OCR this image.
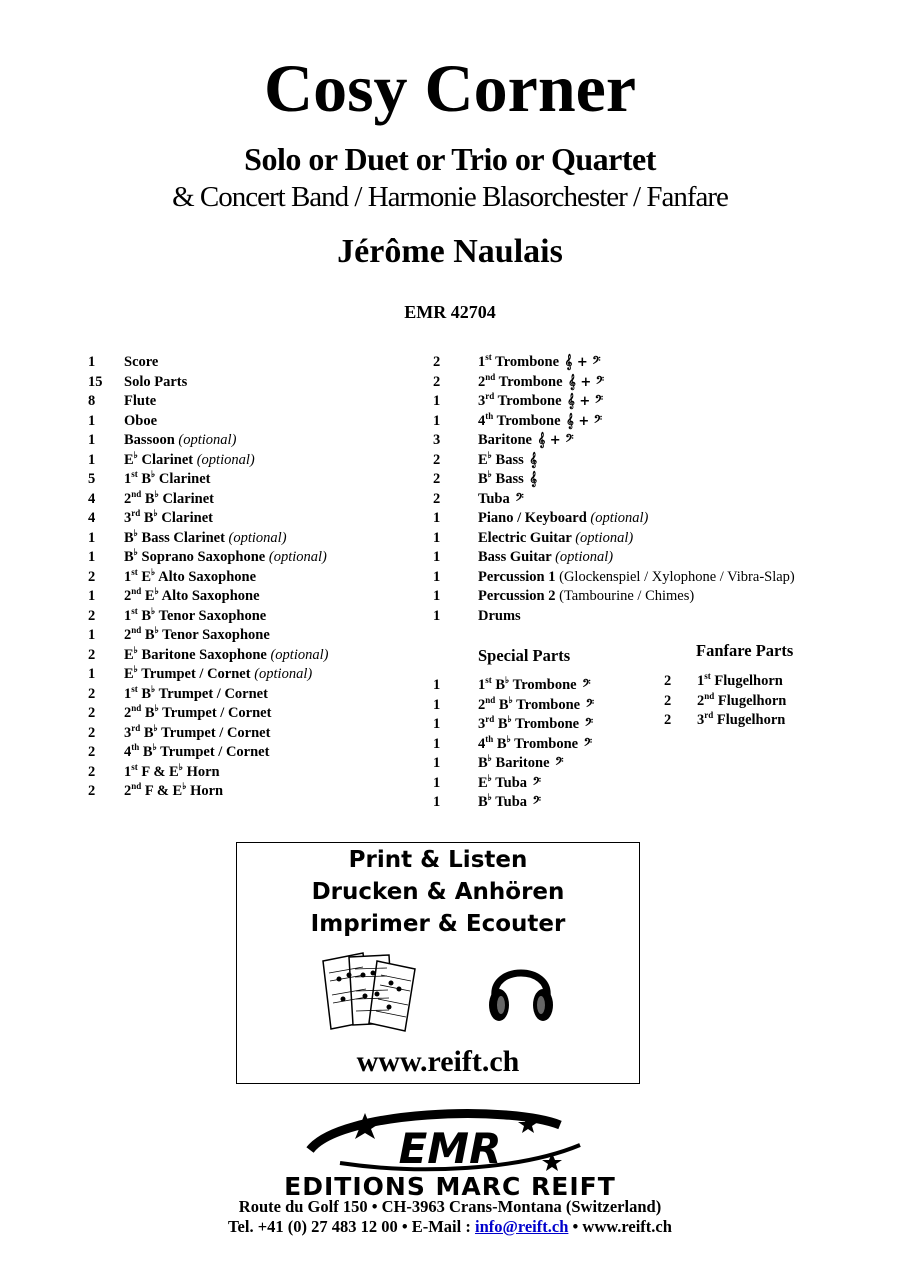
Cosy Corner
Solo or Duet or Trio or Quartet
& Concert Band / Harmonie Blasorchester / Fanfare
Jérôme Naulais
EMR 42704
1	Score
15	Solo Parts
8	Flute
1	Oboe
1	Bassoon (optional)
1	E♭ Clarinet (optional)
5	1st B♭ Clarinet
4	2nd B♭ Clarinet
4	3rd B♭ Clarinet
1	B♭ Bass Clarinet (optional)
1	B♭ Soprano Saxophone (optional)
2	1st E♭ Alto Saxophone
1	2nd E♭ Alto Saxophone
2	1st B♭ Tenor Saxophone
1	2nd B♭ Tenor Saxophone
2	E♭ Baritone Saxophone (optional)
1	E♭ Trumpet / Cornet (optional)
2	1st B♭ Trumpet / Cornet
2	2nd B♭ Trumpet / Cornet
2	3rd B♭ Trumpet / Cornet
2	4th B♭ Trumpet / Cornet
2	1st F & E♭ Horn
2	2nd F & E♭ Horn
2	1st Trombone 𝄞 + 𝄢
2	2nd Trombone 𝄞 + 𝄢
1	3rd Trombone 𝄞 + 𝄢
1	4th Trombone 𝄞 + 𝄢
3	Baritone 𝄞 + 𝄢
2	E♭ Bass 𝄞
2	B♭ Bass 𝄞
2	Tuba 𝄢
1	Piano / Keyboard (optional)
1	Electric Guitar (optional)
1	Bass Guitar (optional)
1	Percussion 1 (Glockenspiel / Xylophone / Vibra-Slap)
1	Percussion 2 (Tambourine / Chimes)
1	Drums
Special Parts
1	1st B♭ Trombone 𝄢
1	2nd B♭ Trombone 𝄢
1	3rd B♭ Trombone 𝄢
1	4th B♭ Trombone 𝄢
1	B♭ Baritone 𝄢
1	E♭ Tuba 𝄢
1	B♭ Tuba 𝄢
Fanfare Parts
2	1st Flugelhorn
2	2nd Flugelhorn
2	3rd Flugelhorn
Print & Listen
Drucken & Anhören
Imprimer & Ecouter
www.reift.ch
EMR
EDITIONS MARC REIFT
Route du Golf 150 • CH-3963 Crans-Montana (Switzerland)
Tel. +41 (0) 27 483 12 00 • E-Mail : info@reift.ch • www.reift.ch
